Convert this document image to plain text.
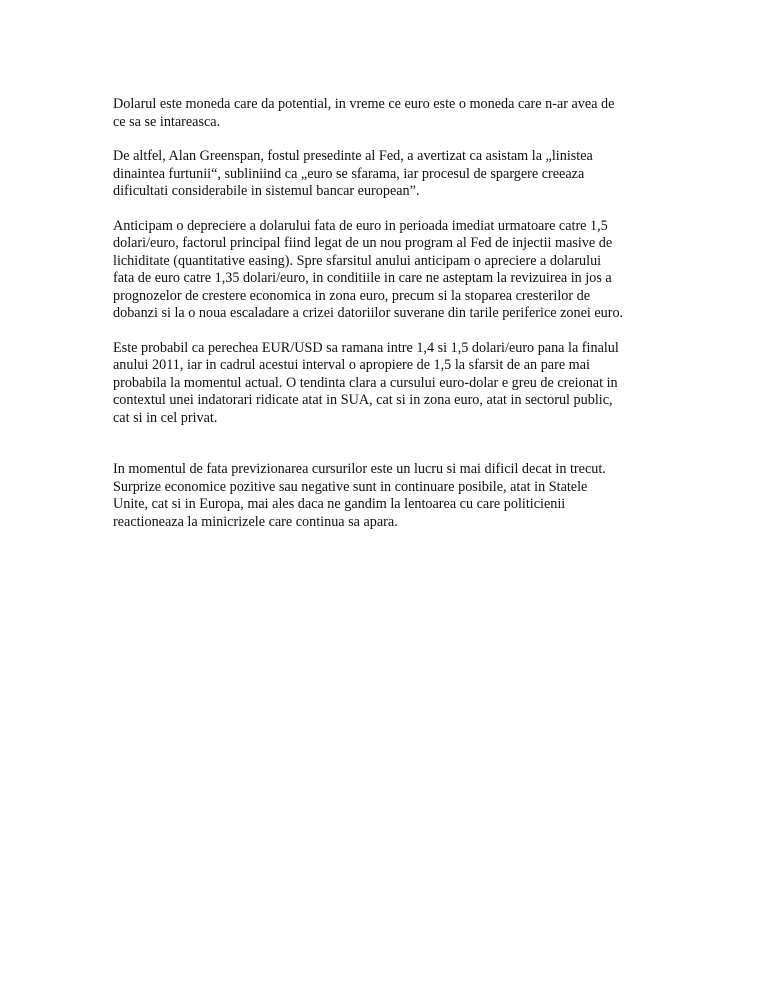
Dolarul este moneda care da potential, in vreme ce euro este o moneda care n-ar avea de
ce sa se intareasca.

De altfel, Alan Greenspan, fostul presedinte al Fed, a avertizat ca asistam la „linistea
dinaintea furtunii“, subliniind ca „euro se sfarama, iar procesul de spargere creeaza
dificultati considerabile in sistemul bancar european”.

Anticipam o depreciere a dolarului fata de euro in perioada imediat urmatoare catre 1,5
dolari/euro, factorul principal fiind legat de un nou program al Fed de injectii masive de
lichiditate (quantitative easing). Spre sfarsitul anului anticipam o apreciere a dolarului
fata de euro catre 1,35 dolari/euro, in conditiile in care ne asteptam la revizuirea in jos a
prognozelor de crestere economica in zona euro, precum si la stoparea cresterilor de
dobanzi si la o noua escaladare a crizei datoriilor suverane din tarile periferice zonei euro.

Este probabil ca perechea EUR/USD sa ramana intre 1,4 si 1,5 dolari/euro pana la finalul
anului 2011, iar in cadrul acestui interval o apropiere de 1,5 la sfarsit de an pare mai
probabila la momentul actual. O tendinta clara a cursului euro-dolar e greu de creionat in
contextul unei indatorari ridicate atat in SUA, cat si in zona euro, atat in sectorul public,
cat si in cel privat.

In momentul de fata previzionarea cursurilor este un lucru si mai dificil decat in trecut.
Surprize economice pozitive sau negative sunt in continuare posibile, atat in Statele
Unite, cat si in Europa, mai ales daca ne gandim la lentoarea cu care politicienii
reactioneaza la minicrizele care continua sa apara.
